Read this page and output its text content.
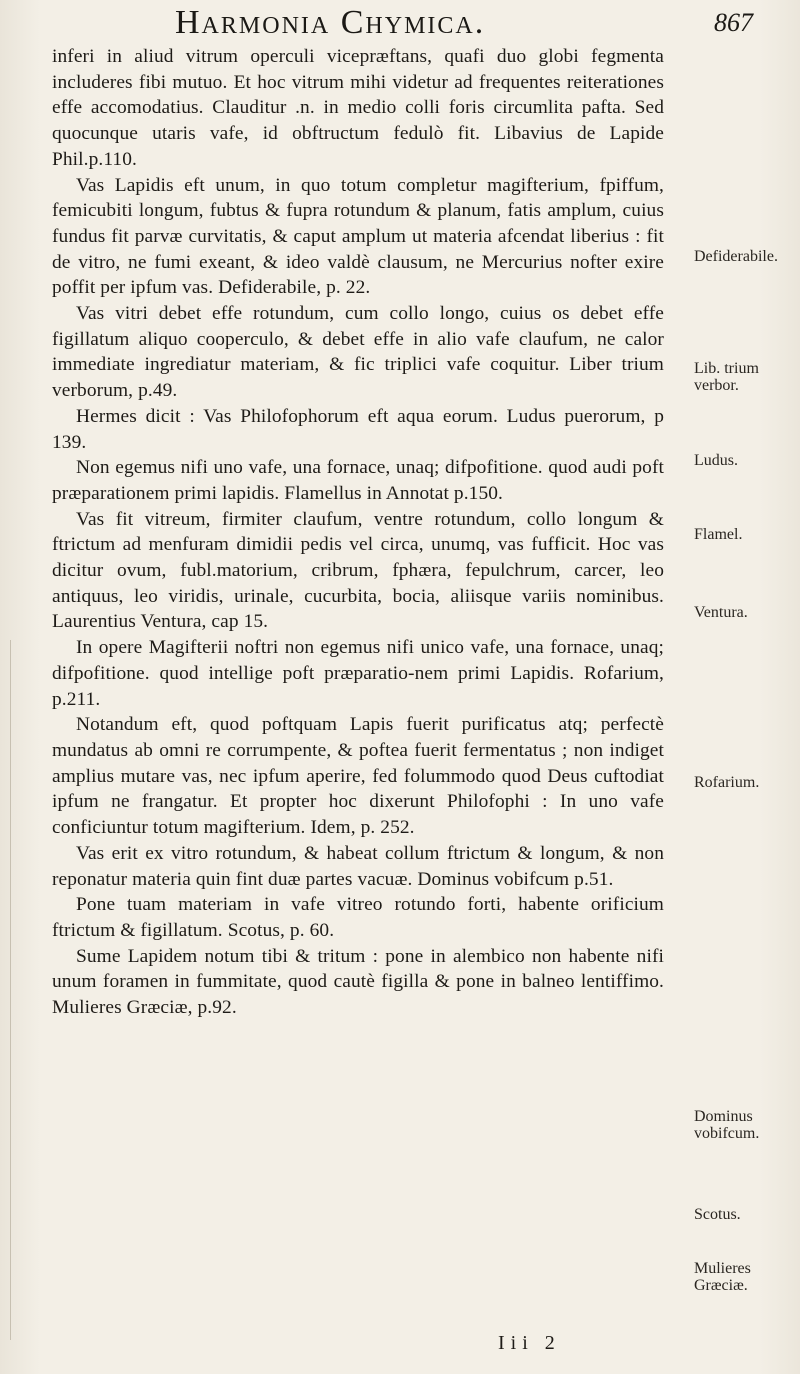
Harmonia Chymica.	867

inferi in aliud vitrum operculi vicepræftans, quafi duo globi fegmenta includeres fibi mutuo. Et hoc vitrum mihi videtur ad frequentes reiterationes effe accomodatius. Clauditur .n. in medio colli foris circumlita pafta. Sed quocunque utaris vafe, id obftructum fedulò fit. Libavius de Lapide Phil.p.110.

Vas Lapidis eft unum, in quo totum completur magifterium, fpiffum, femicubiti longum, fubtus & fupra rotundum & planum, fatis amplum, cuius fundus fit parvæ curvitatis, & caput amplum ut materia afcendat liberius : fit de vitro, ne fumi exeant, & ideo valdè clausum, ne Mercurius nofter exire poffit per ipfum vas. Defiderabile, p. 22.

Vas vitri debet effe rotundum, cum collo longo, cuius os debet effe figillatum aliquo cooperculo, & debet effe in alio vafe claufum, ne calor immediate ingrediatur materiam, & fic triplici vafe coquitur. Liber trium verborum, p.49.

Hermes dicit : Vas Philofophorum eft aqua eorum. Ludus puerorum, p 139.

Non egemus nifi uno vafe, una fornace, unaq; difpofitione. quod audi poft præparationem primi lapidis. Flamellus in Annotat p.150.

Vas fit vitreum, firmiter claufum, ventre rotundum, collo longum & ftrictum ad menfuram dimidii pedis vel circa, unumq, vas fufficit. Hoc vas dicitur ovum, fubl.matorium, cribrum, fphæra, fepulchrum, carcer, leo antiquus, leo viridis, urinale, cucurbita, bocia, aliisque variis nominibus. Laurentius Ventura, cap 15.

In opere Magifterii noftri non egemus nifi unico vafe, una fornace, unaq; difpofitione. quod intellige poft præparatio-nem primi Lapidis. Rofarium, p.211.

Notandum eft, quod poftquam Lapis fuerit purificatus atq; perfectè mundatus ab omni re corrumpente, & poftea fuerit fermentatus ; non indiget amplius mutare vas, nec ipfum aperire, fed folummodo quod Deus cuftodiat ipfum ne frangatur. Et propter hoc dixerunt Philofophi : In uno vafe conficiuntur totum magifterium. Idem, p. 252.

Vas erit ex vitro rotundum, & habeat collum ftrictum & longum, & non reponatur materia quin fint duæ partes vacuæ. Dominus vobifcum p.51.

Pone tuam materiam in vafe vitreo rotundo forti, habente orificium ftrictum & figillatum. Scotus, p. 60.

Sume Lapidem notum tibi & tritum : pone in alembico non habente nifi unum foramen in fummitate, quod cautè figilla & pone in balneo lentiffimo. Mulieres Græciæ, p.92.

Defiderabile.
Lib. trium verbor.
Ludus.
Flamel.
Ventura.
Rofarium.
Dominus vobifcum.
Scotus.
Mulieres Græciæ.
Iii 2
